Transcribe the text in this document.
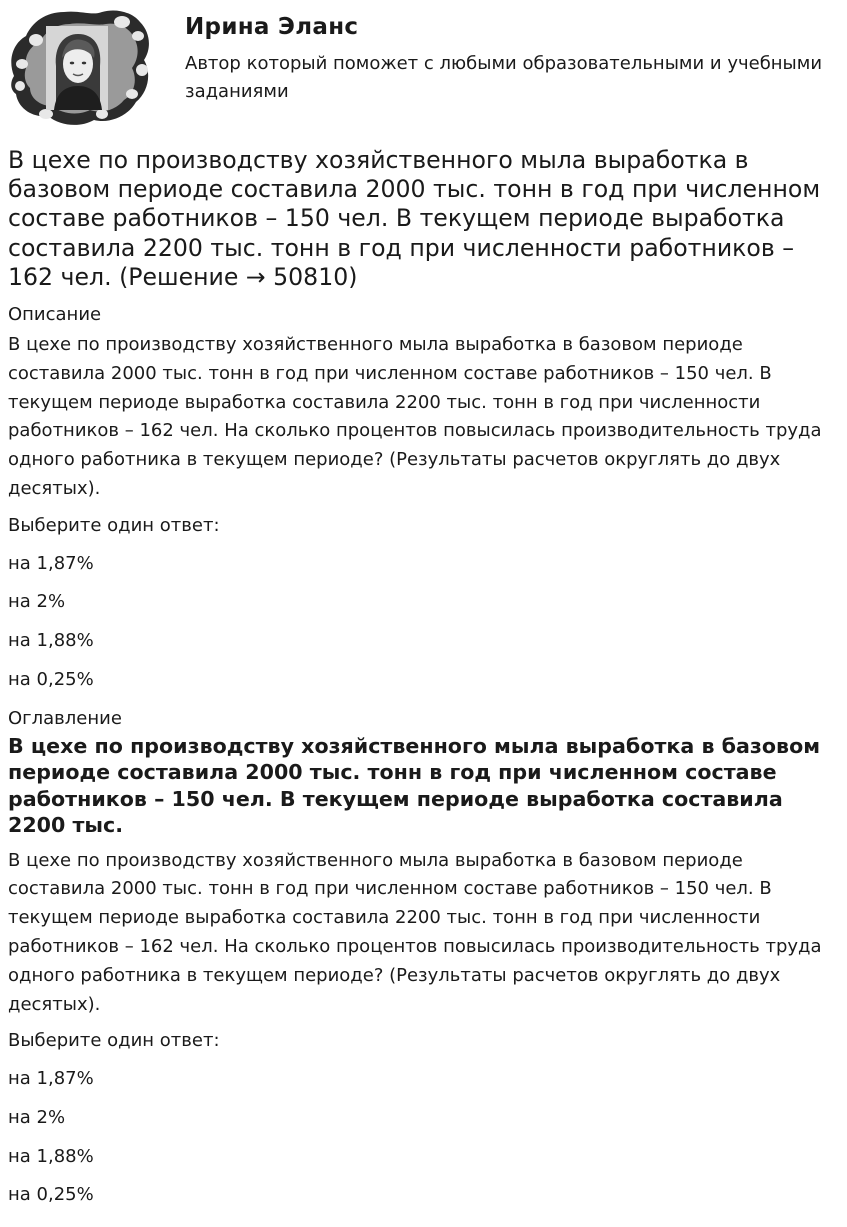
Ирина Эланс

Автор который поможет с любыми образовательными и учебными заданиями

В цехе по производству хозяйственного мыла выработка в базовом периоде составила 2000 тыс. тонн в год при численном составе работников – 150 чел. В текущем периоде выработка составила 2200 тыс. тонн в год при численности работников – 162 чел. (Решение → 50810)
Описание

В цехе по производству хозяйственного мыла выработка в базовом периоде составила 2000 тыс. тонн в год при численном составе работников – 150 чел. В текущем периоде выработка составила 2200 тыс. тонн в год при численности работников – 162 чел. На сколько процентов повысилась производительность труда одного работника в текущем периоде? (Результаты расчетов округлять до двух десятых).

Выберите один ответ:

на 1,87%
на 2%
на 1,88%
на 0,25%
Оглавление
В цехе по производству хозяйственного мыла выработка в базовом периоде составила 2000 тыс. тонн в год при численном составе работников – 150 чел. В текущем периоде выработка составила 2200 тыс.

В цехе по производству хозяйственного мыла выработка в базовом периоде составила 2000 тыс. тонн в год при численном составе работников – 150 чел. В текущем периоде выработка составила 2200 тыс. тонн в год при численности работников – 162 чел. На сколько процентов повысилась производительность труда одного работника в текущем периоде? (Результаты расчетов округлять до двух десятых).

Выберите один ответ:

на 1,87%
на 2%
на 1,88%
на 0,25%
